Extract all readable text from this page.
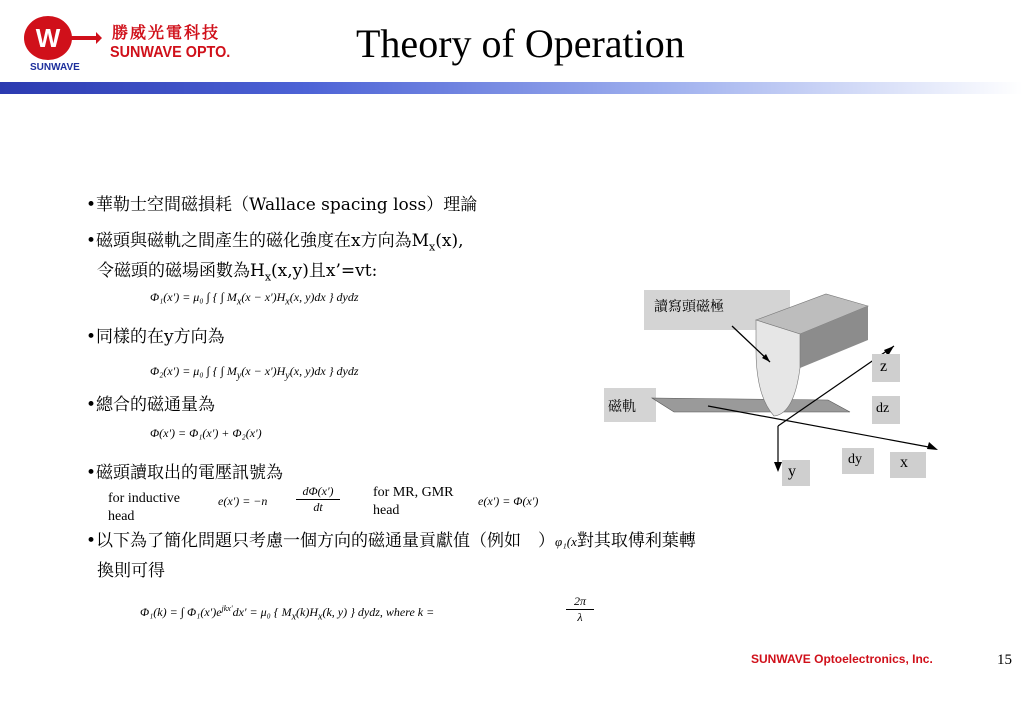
W	勝威光電科技
SUNWAVE OPTO.
SUNWAVE
Theory of Operation
•華勒士空間磁損耗（Wallace spacing loss）理論
•磁頭與磁軌之間產生的磁化強度在x方向為$M_x(x)$,
令磁頭的磁場函數為$H_x(x,y)$且x’=vt:
Φ₁(x') = μ₀ ∫ { ∫ $M_x(x - x')H_x(x$, y)dx } dydz
•同樣的在y方向為
Φ₂(x') = μ₀ ∫ { ∫ $M_y(x - x')H_y(x$, y)dx } dydz
•總合的磁通量為
Φ(x') = Φ₁(x') + Φ₂(x')
•磁頭讀取出的電壓訊號為
for inductive head
$e(x') = -n \frac{d\Phi(x')}{dt}$ for MR, GMR head
e(x') = Φ(x')
•以下為了簡化問題只考慮一個方向的磁通量貢獻值（例如　）φ₁(x對其取傅利葉轉
換則可得
Φ₁(k) = ∫ $\Phi_1(x')e^{jkx'}dx' = \mu_0$ { $M_x(k)H_x(k$, y) } dydz, where k =	$\frac{2\pi}{\lambda}$
讀寫頭磁極
磁軌
z
dz
dy x
y
SUNWAVE Optoelectronics, Inc.	15
